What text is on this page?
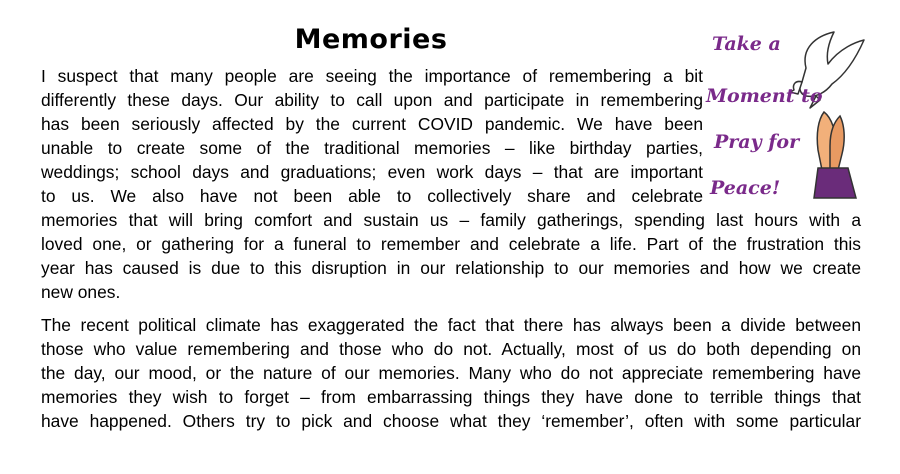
Memories	Take a
Moment to
Pray for
Peace!
I suspect that many people are seeing the importance of remembering a bit
differently these days. Our ability to call upon and participate in remembering
has been seriously affected by the current COVID pandemic. We have been
unable to create some of the traditional memories – like birthday parties,
weddings; school days and graduations; even work days – that are important
to us. We also have not been able to collectively share and celebrate
memories that will bring comfort and sustain us – family gatherings, spending last hours with a
loved one, or gathering for a funeral to remember and celebrate a life. Part of the frustration this
year has caused is due to this disruption in our relationship to our memories and how we create
new ones.
The recent political climate has exaggerated the fact that there has always been a divide between
those who value remembering and those who do not. Actually, most of us do both depending on
the day, our mood, or the nature of our memories. Many who do not appreciate remembering have
memories they wish to forget – from embarrassing things they have done to terrible things that
have happened. Others try to pick and choose what they ‘remember’, often with some particular
